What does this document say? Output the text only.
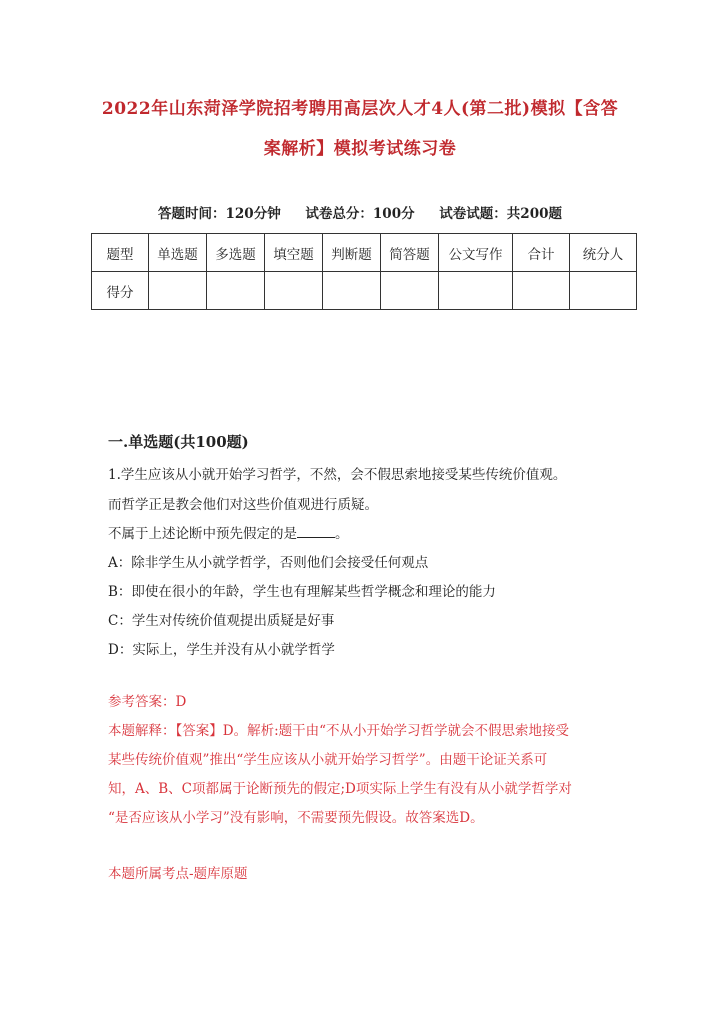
2022年山东菏泽学院招考聘用高层次人才4人(第二批)模拟【含答
案解析】模拟考试练习卷
答题时间：120分钟 试卷总分：100分 试卷试题：共200题
题型	单选题	多选题	填空题	判断题	简答题	公文写作	合计	统分人
得分								
一.单选题(共100题)
1.学生应该从小就开始学习哲学，不然，会不假思索地接受某些传统价值观。
而哲学正是教会他们对这些价值观进行质疑。
不属于上述论断中预先假定的是	。
A：除非学生从小就学哲学，否则他们会接受任何观点
B：即使在很小的年龄，学生也有理解某些哲学概念和理论的能力
C：学生对传统价值观提出质疑是好事
D：实际上，学生并没有从小就学哲学
参考答案：D
本题解释：【答案】D。解析:题干由“不从小开始学习哲学就会不假思索地接受
某些传统价值观”推出“学生应该从小就开始学习哲学”。由题干论证关系可
知，A、B、C项都属于论断预先的假定;D项实际上学生有没有从小就学哲学对
“是否应该从小学习”没有影响，不需要预先假设。故答案选D。
本题所属考点-题库原题
